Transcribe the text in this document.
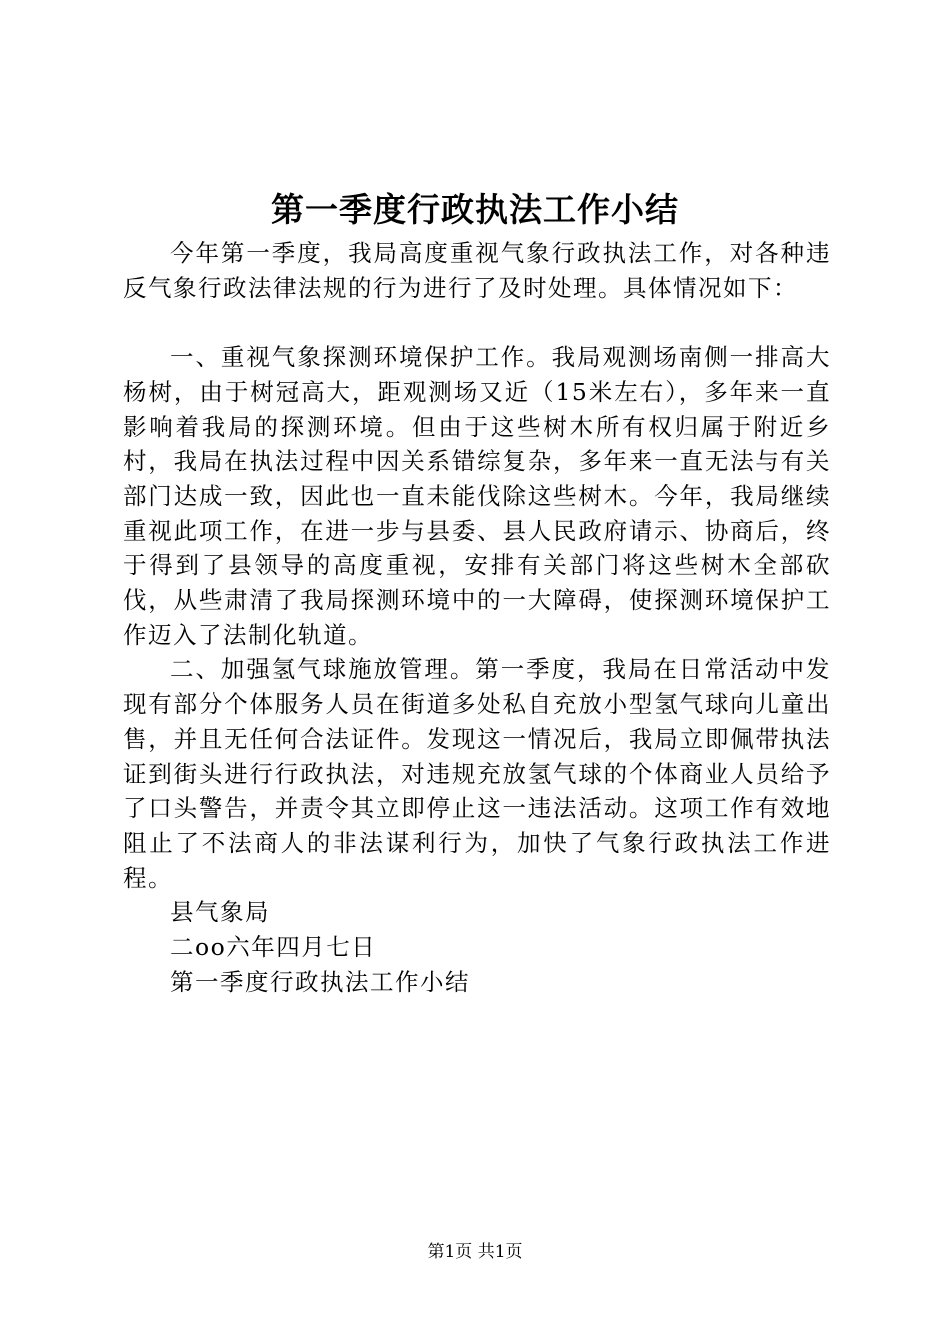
第一季度行政执法工作小结

今年第一季度，我局高度重视气象行政执法工作，对各种违反气象行政法律法规的行为进行了及时处理。具体情况如下：

一、重视气象探测环境保护工作。我局观测场南侧一排高大杨树，由于树冠高大，距观测场又近（15米左右），多年来一直影响着我局的探测环境。但由于这些树木所有权归属于附近乡村，我局在执法过程中因关系错综复杂，多年来一直无法与有关部门达成一致，因此也一直未能伐除这些树木。今年，我局继续重视此项工作，在进一步与县委、县人民政府请示、协商后，终于得到了县领导的高度重视，安排有关部门将这些树木全部砍伐，从些肃清了我局探测环境中的一大障碍，使探测环境保护工作迈入了法制化轨道。

二、加强氢气球施放管理。第一季度，我局在日常活动中发现有部分个体服务人员在街道多处私自充放小型氢气球向儿童出售，并且无任何合法证件。发现这一情况后，我局立即佩带执法证到街头进行行政执法，对违规充放氢气球的个体商业人员给予了口头警告，并责令其立即停止这一违法活动。这项工作有效地阻止了不法商人的非法谋利行为，加快了气象行政执法工作进程。

县气象局

二oo六年四月七日

第一季度行政执法工作小结

第1页 共1页
